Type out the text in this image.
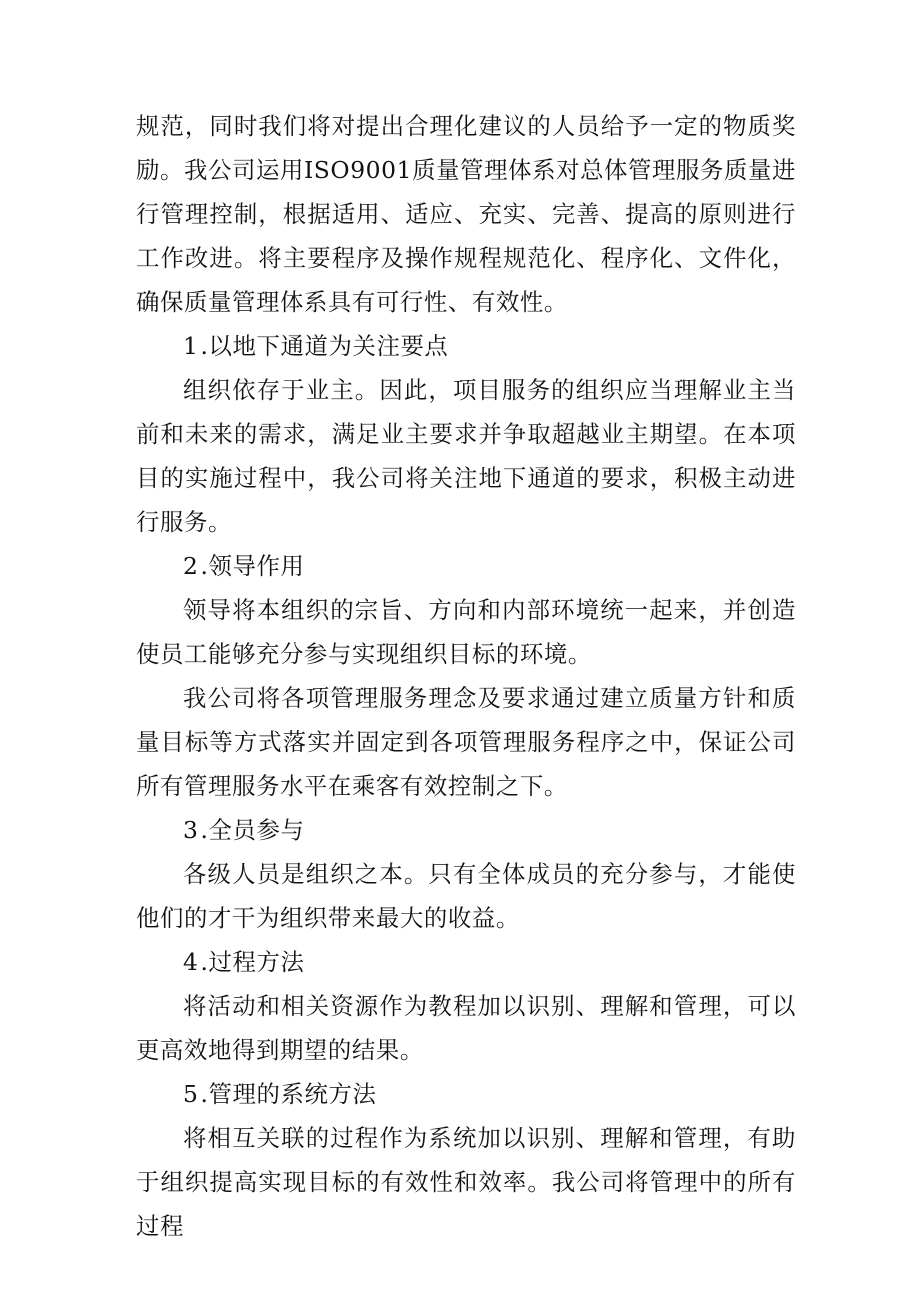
规范，同时我们将对提出合理化建议的人员给予一定的物质奖励。我公司运用ISO9001质量管理体系对总体管理服务质量进行管理控制，根据适用、适应、充实、完善、提高的原则进行工作改进。将主要程序及操作规程规范化、程序化、文件化，确保质量管理体系具有可行性、有效性。

1.以地下通道为关注要点

组织依存于业主。因此，项目服务的组织应当理解业主当前和未来的需求，满足业主要求并争取超越业主期望。在本项目的实施过程中，我公司将关注地下通道的要求，积极主动进行服务。

2.领导作用

领导将本组织的宗旨、方向和内部环境统一起来，并创造使员工能够充分参与实现组织目标的环境。

我公司将各项管理服务理念及要求通过建立质量方针和质量目标等方式落实并固定到各项管理服务程序之中，保证公司所有管理服务水平在乘客有效控制之下。

3.全员参与

各级人员是组织之本。只有全体成员的充分参与，才能使他们的才干为组织带来最大的收益。

4.过程方法

将活动和相关资源作为教程加以识别、理解和管理，可以更高效地得到期望的结果。

5.管理的系统方法

将相互关联的过程作为系统加以识别、理解和管理，有助于组织提高实现目标的有效性和效率。我公司将管理中的所有过程
